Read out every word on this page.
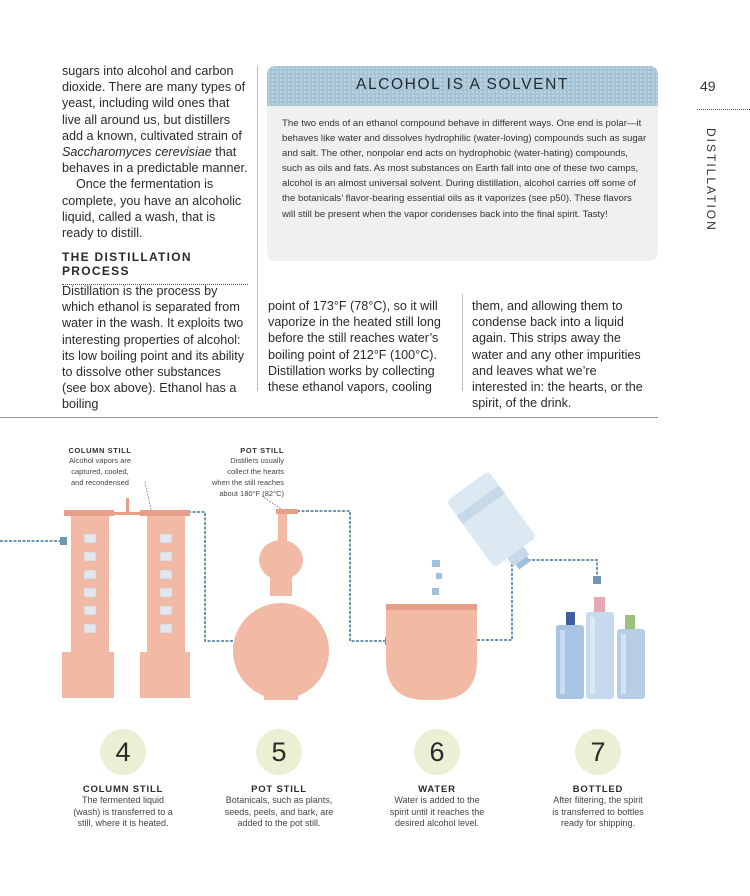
sugars into alcohol and carbon dioxide. There are many types of yeast, including wild ones that live all around us, but distillers add a known, cultivated strain of Saccharomyces cerevisiae that behaves in a predictable manner.

Once the fermentation is complete, you have an alcoholic liquid, called a wash, that is ready to distill.

THE DISTILLATION PROCESS
Distillation is the process by which ethanol is separated from water in the wash. It exploits two interesting properties of alcohol: its low boiling point and its ability to dissolve other substances (see box above). Ethanol has a boiling
point of 173°F (78°C), so it will vaporize in the heated still long before the still reaches water’s boiling point of 212°F (100°C). Distillation works by collecting these ethanol vapors, cooling
them, and allowing them to condense back into a liquid again. This strips away the water and any other impurities and leaves what we’re interested in: the hearts, or the spirit, of the drink.
ALCOHOL IS A SOLVENT
The two ends of an ethanol compound behave in different ways. One end is polar—it behaves like water and dissolves hydrophilic (water-loving) compounds such as sugar and salt. The other, nonpolar end acts on hydrophobic (water-hating) compounds, such as oils and fats. As most substances on Earth fall into one of these two camps, alcohol is an almost universal solvent. During distillation, alcohol carries off some of the botanicals’ flavor-bearing essential oils as it vaporizes (see p50). These flavors will still be present when the vapor condenses back into the final spirit. Tasty!
49
DISTILLATION
COLUMN STILL
Alcohol vapors are
captured, cooled,
and recondensed
POT STILL
Distillers usually
collect the hearts
when the still reaches
about 180°F (82°C)
4
COLUMN STILL
The fermented liquid
(wash) is transferred to a
still, where it is heated.
5
POT STILL
Botanicals, such as plants,
seeds, peels, and bark, are
added to the pot still.
6
WATER
Water is added to the
spirit until it reaches the
desired alcohol level.
7
BOTTLED
After filtering, the spirit
is transferred to bottles
ready for shipping.
